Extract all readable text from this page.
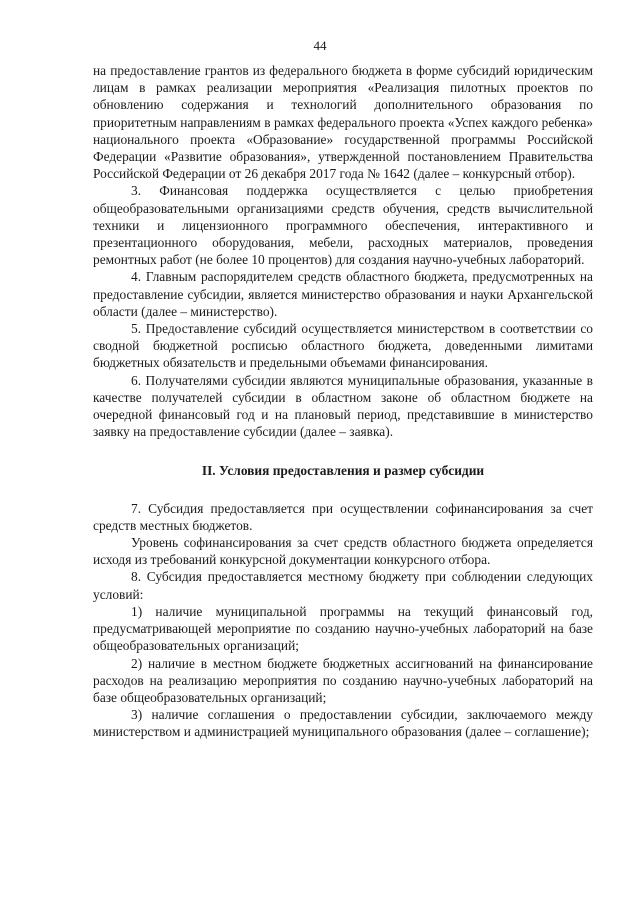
44

на предоставление грантов из федерального бюджета в форме субсидий юридическим лицам в рамках реализации мероприятия «Реализация пилотных проектов по обновлению содержания и технологий дополнительного образования по приоритетным направлениям в рамках федерального проекта «Успех каждого ребенка» национального проекта «Образование» государственной программы Российской Федерации «Развитие образования», утвержденной постановлением Правительства Российской Федерации от 26 декабря 2017 года № 1642 (далее – конкурсный отбор).

3. Финансовая поддержка осуществляется с целью приобретения общеобразовательными организациями средств обучения, средств вычислительной техники и лицензионного программного обеспечения, интерактивного и презентационного оборудования, мебели, расходных материалов, проведения ремонтных работ (не более 10 процентов) для создания научно-учебных лабораторий.

4. Главным распорядителем средств областного бюджета, предусмотренных на предоставление субсидии, является министерство образования и науки Архангельской области (далее – министерство).

5. Предоставление субсидий осуществляется министерством в соответствии со сводной бюджетной росписью областного бюджета, доведенными лимитами бюджетных обязательств и предельными объемами финансирования.

6. Получателями субсидии являются муниципальные образования, указанные в качестве получателей субсидии в областном законе об областном бюджете на очередной финансовый год и на плановый период, представившие в министерство заявку на предоставление субсидии (далее – заявка).

II. Условия предоставления и размер субсидии

7. Субсидия предоставляется при осуществлении софинансирования за счет средств местных бюджетов.

Уровень софинансирования за счет средств областного бюджета определяется исходя из требований конкурсной документации конкурсного отбора.

8. Субсидия предоставляется местному бюджету при соблюдении следующих условий:

1) наличие муниципальной программы на текущий финансовый год, предусматривающей мероприятие по созданию научно-учебных лабораторий на базе общеобразовательных организаций;

2) наличие в местном бюджете бюджетных ассигнований на финансирование расходов на реализацию мероприятия по созданию научно-учебных лабораторий на базе общеобразовательных организаций;

3) наличие соглашения о предоставлении субсидии, заключаемого между министерством и администрацией муниципального образования (далее – соглашение);
